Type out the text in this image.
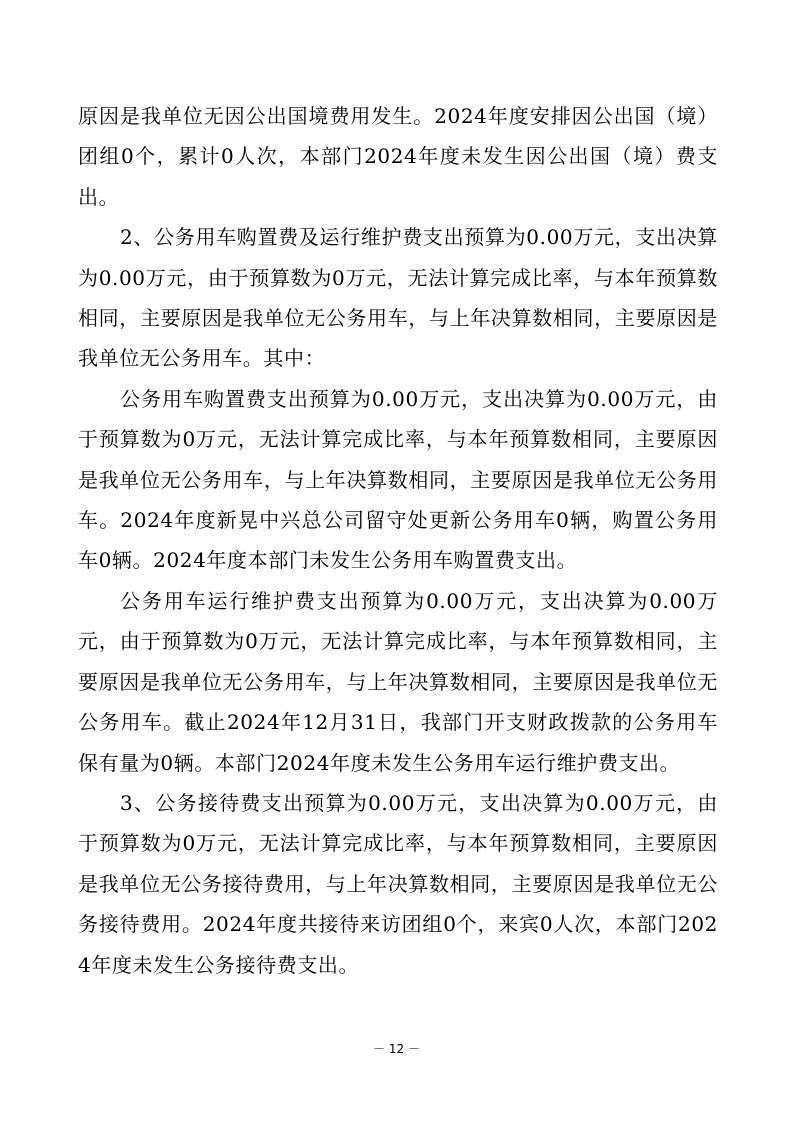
原因是我单位无因公出国境费用发生。2024年度安排因公出国（境）团组0个，累计0人次，本部门2024年度未发生因公出国（境）费支出。

2、公务用车购置费及运行维护费支出预算为0.00万元，支出决算为0.00万元，由于预算数为0万元，无法计算完成比率，与本年预算数相同，主要原因是我单位无公务用车，与上年决算数相同，主要原因是我单位无公务用车。其中：

公务用车购置费支出预算为0.00万元，支出决算为0.00万元，由于预算数为0万元，无法计算完成比率，与本年预算数相同，主要原因是我单位无公务用车，与上年决算数相同，主要原因是我单位无公务用车。2024年度新晃中兴总公司留守处更新公务用车0辆，购置公务用车0辆。2024年度本部门未发生公务用车购置费支出。

公务用车运行维护费支出预算为0.00万元，支出决算为0.00万元，由于预算数为0万元，无法计算完成比率，与本年预算数相同，主要原因是我单位无公务用车，与上年决算数相同，主要原因是我单位无公务用车。截止2024年12月31日，我部门开支财政拨款的公务用车保有量为0辆。本部门2024年度未发生公务用车运行维护费支出。

3、公务接待费支出预算为0.00万元，支出决算为0.00万元，由于预算数为0万元，无法计算完成比率，与本年预算数相同，主要原因是我单位无公务接待费用，与上年决算数相同，主要原因是我单位无公务接待费用。2024年度共接待来访团组0个，来宾0人次，本部门2024年度未发生公务接待费支出。

－ 12 －
